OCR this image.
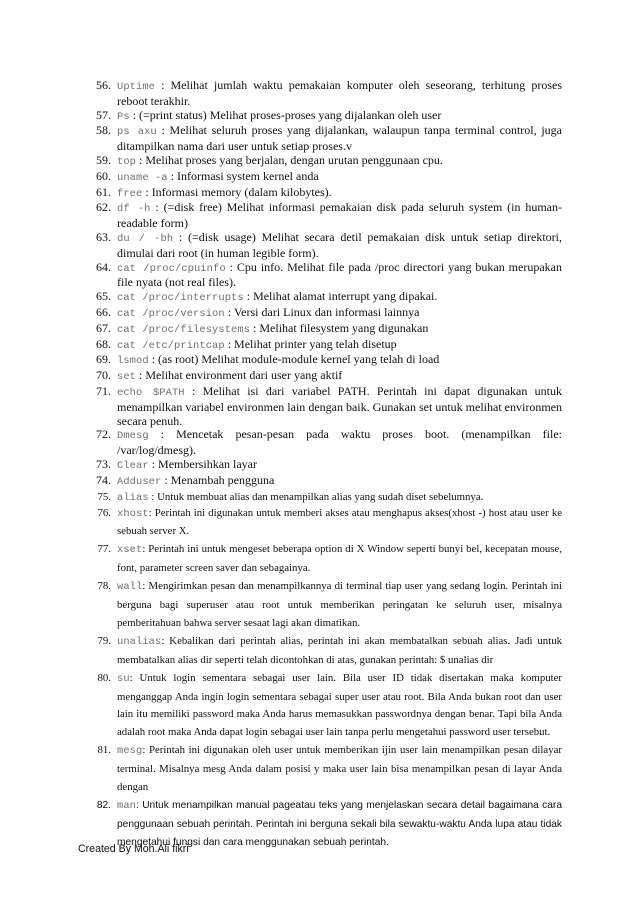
56. Uptime : Melihat jumlah waktu pemakaian komputer oleh seseorang, terhitung proses reboot terakhir.
57. Ps : (=print status) Melihat proses-proses yang dijalankan oleh user
58. ps axu : Melihat seluruh proses yang dijalankan, walaupun tanpa terminal control, juga ditampilkan nama dari user untuk setiap proses.v
59. top : Melihat proses yang berjalan, dengan urutan penggunaan cpu.
60. uname -a : Informasi system kernel anda
61. free : Informasi memory (dalam kilobytes).
62. df -h : (=disk free) Melihat informasi pemakaian disk pada seluruh system (in human-readable form)
63. du / -bh : (=disk usage) Melihat secara detil pemakaian disk untuk setiap direktori, dimulai dari root (in human legible form).
64. cat /proc/cpuinfo : Cpu info. Melihat file pada /proc directori yang bukan merupakan file nyata (not real files).
65. cat /proc/interrupts : Melihat alamat interrupt yang dipakai.
66. cat /proc/version : Versi dari Linux dan informasi lainnya
67. cat /proc/filesystems : Melihat filesystem yang digunakan
68. cat /etc/printcap : Melihat printer yang telah disetup
69. lsmod : (as root) Melihat module-module kernel yang telah di load
70. set : Melihat environment dari user yang aktif
71. echo $PATH : Melihat isi dari variabel PATH. Perintah ini dapat digunakan untuk menampilkan variabel environmen lain dengan baik. Gunakan set untuk melihat environmen secara penuh.
72. Dmesg : Mencetak pesan-pesan pada waktu proses boot. (menampilkan file: /var/log/dmesg).
73. Clear : Membersihkan layar
74. Adduser : Menambah pengguna
75. alias : Untuk membuat alias dan menampilkan alias yang sudah diset sebelumnya.
76. xhost: Perintah ini digunakan untuk memberi akses atau menghapus akses(xhost -) host atau user ke sebuah server X.
77. xset: Perintah ini untuk mengeset beberapa option di X Window seperti bunyi bel, kecepatan mouse, font, parameter screen saver dan sebagainya.
78. wall: Mengirimkan pesan dan menampilkannya di terminal tiap user yang sedang login. Perintah ini berguna bagi superuser atau root untuk memberikan peringatan ke seluruh user, misalnya pemberitahuan bahwa server sesaat lagi akan dimatikan.
79. unalias: Kebalikan dari perintah alias, perintah ini akan membatalkan sebuah alias. Jadi untuk membatalkan alias dir seperti telah dicontohkan di atas, gunakan perintah: $ unalias dir
80. su: Untuk login sementara sebagai user lain. Bila user ID tidak disertakan maka komputer menganggap Anda ingin login sementara sebagai super user atau root. Bila Anda bukan root dan user lain itu memiliki password maka Anda harus memasukkan passwordnya dengan benar. Tapi bila Anda adalah root maka Anda dapat login sebagai user lain tanpa perlu mengetahui password user tersebut.
81. mesg: Perintah ini digunakan oleh user untuk memberikan ijin user lain menampilkan pesan dilayar terminal. Misalnya mesg Anda dalam posisi y maka user lain bisa menampilkan pesan di layar Anda dengan
82. man: Untuk menampilkan manual pageatau teks yang menjelaskan secara detail bagaimana cara penggunaan sebuah perintah. Perintah ini berguna sekali bila sewaktu-waktu Anda lupa atau tidak mengetahui fungsi dan cara menggunakan sebuah perintah.
Created By Moh.Ali fikri
